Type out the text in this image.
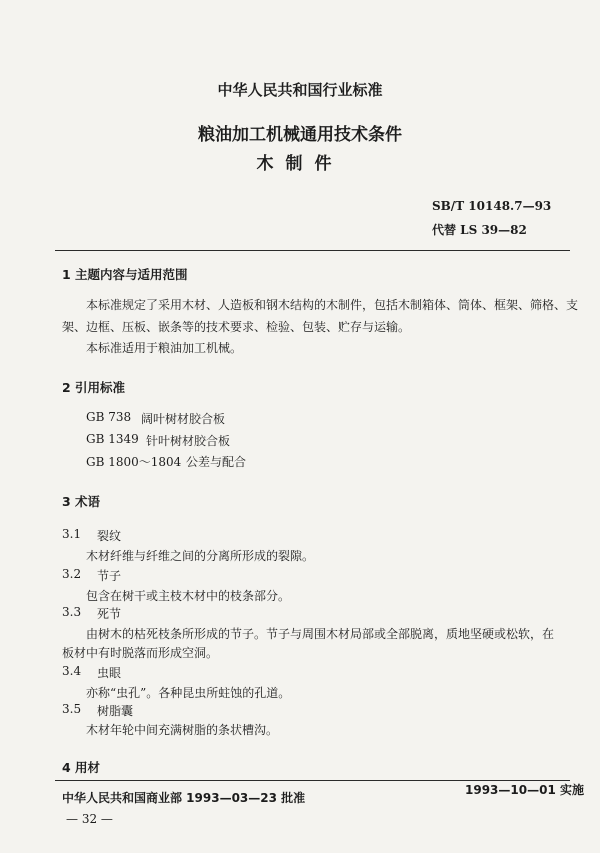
中华人民共和国行业标准
粮油加工机械通用技术条件
木制件
SB/T 10148.7—93
代替 LS 39—82
1 主题内容与适用范围
本标准规定了采用木材、人造板和钢木结构的木制件，包括木制箱体、筒体、框架、筛格、支
架、边框、压板、嵌条等的技术要求、检验、包装、贮存与运输。
本标准适用于粮油加工机械。
2 引用标准
GB 738 阔叶树材胶合板
GB 1349 针叶树材胶合板
GB 1800～1804 公差与配合
3 术语
3.1 裂纹
木材纤维与纤维之间的分离所形成的裂隙。
3.2 节子
包含在树干或主枝木材中的枝条部分。
3.3 死节
由树木的枯死枝条所形成的节子。节子与周围木材局部或全部脱离，质地坚硬或松软，在
板材中有时脱落而形成空洞。
3.4 虫眼
亦称“虫孔”。各种昆虫所蛀蚀的孔道。
3.5 树脂囊
木材年轮中间充满树脂的条状槽沟。
4 用材
中华人民共和国商业部 1993—03—23 批准
1993—10—01 实施
— 32 —
